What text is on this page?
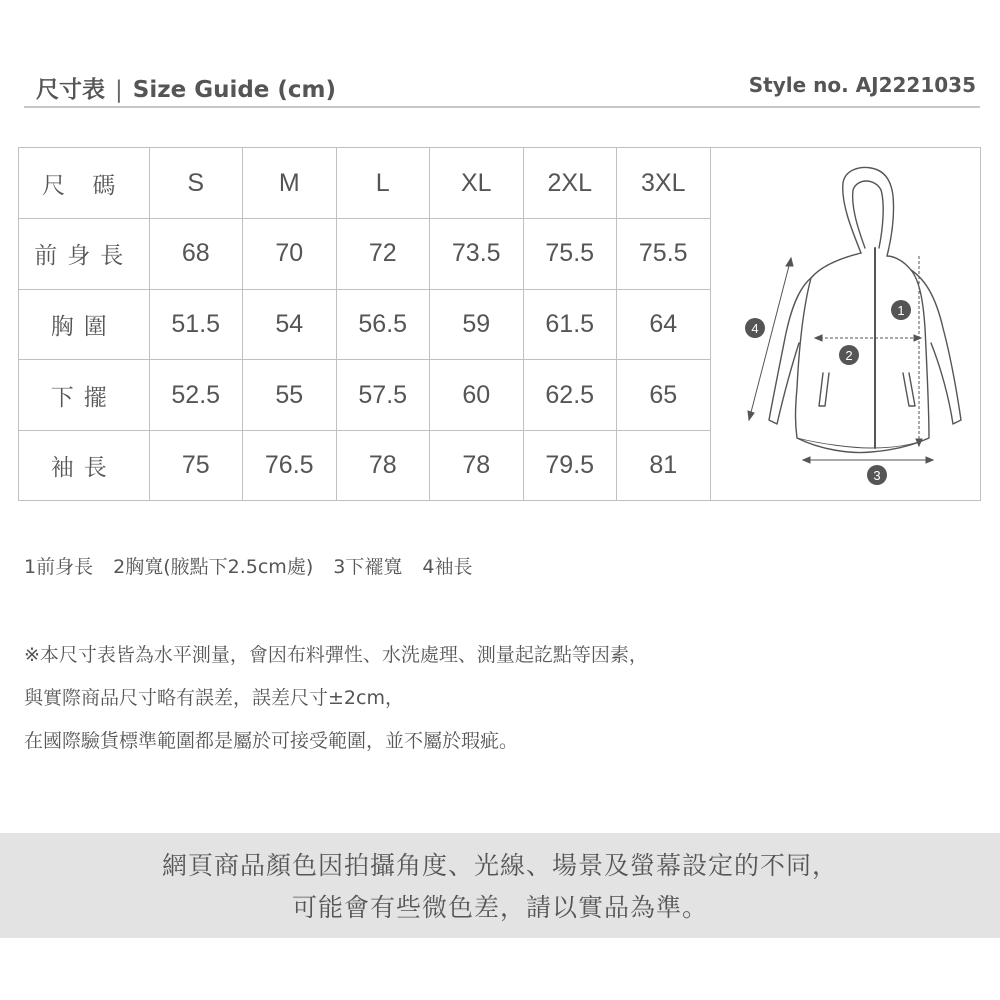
尺寸表 | Size Guide (cm)	Style no. AJ2221035
尺 碼	S	M	L	XL	2XL	3XL
前身長	68	70	72	73.5	75.5	75.5
胸圍	51.5	54	56.5	59	61.5	64
下擺	52.5	55	57.5	60	62.5	65
袖長	75	76.5	78	78	79.5	81
1
2
3
4
1前身長 2胸寬(腋點下2.5cm處) 3下襬寬 4袖長
※本尺寸表皆為水平測量，會因布料彈性、水洗處理、測量起訖點等因素，
與實際商品尺寸略有誤差，誤差尺寸±2cm，
在國際驗貨標準範圍都是屬於可接受範圍，並不屬於瑕疵。
網頁商品顏色因拍攝角度、光線、場景及螢幕設定的不同，
可能會有些微色差，請以實品為準。
